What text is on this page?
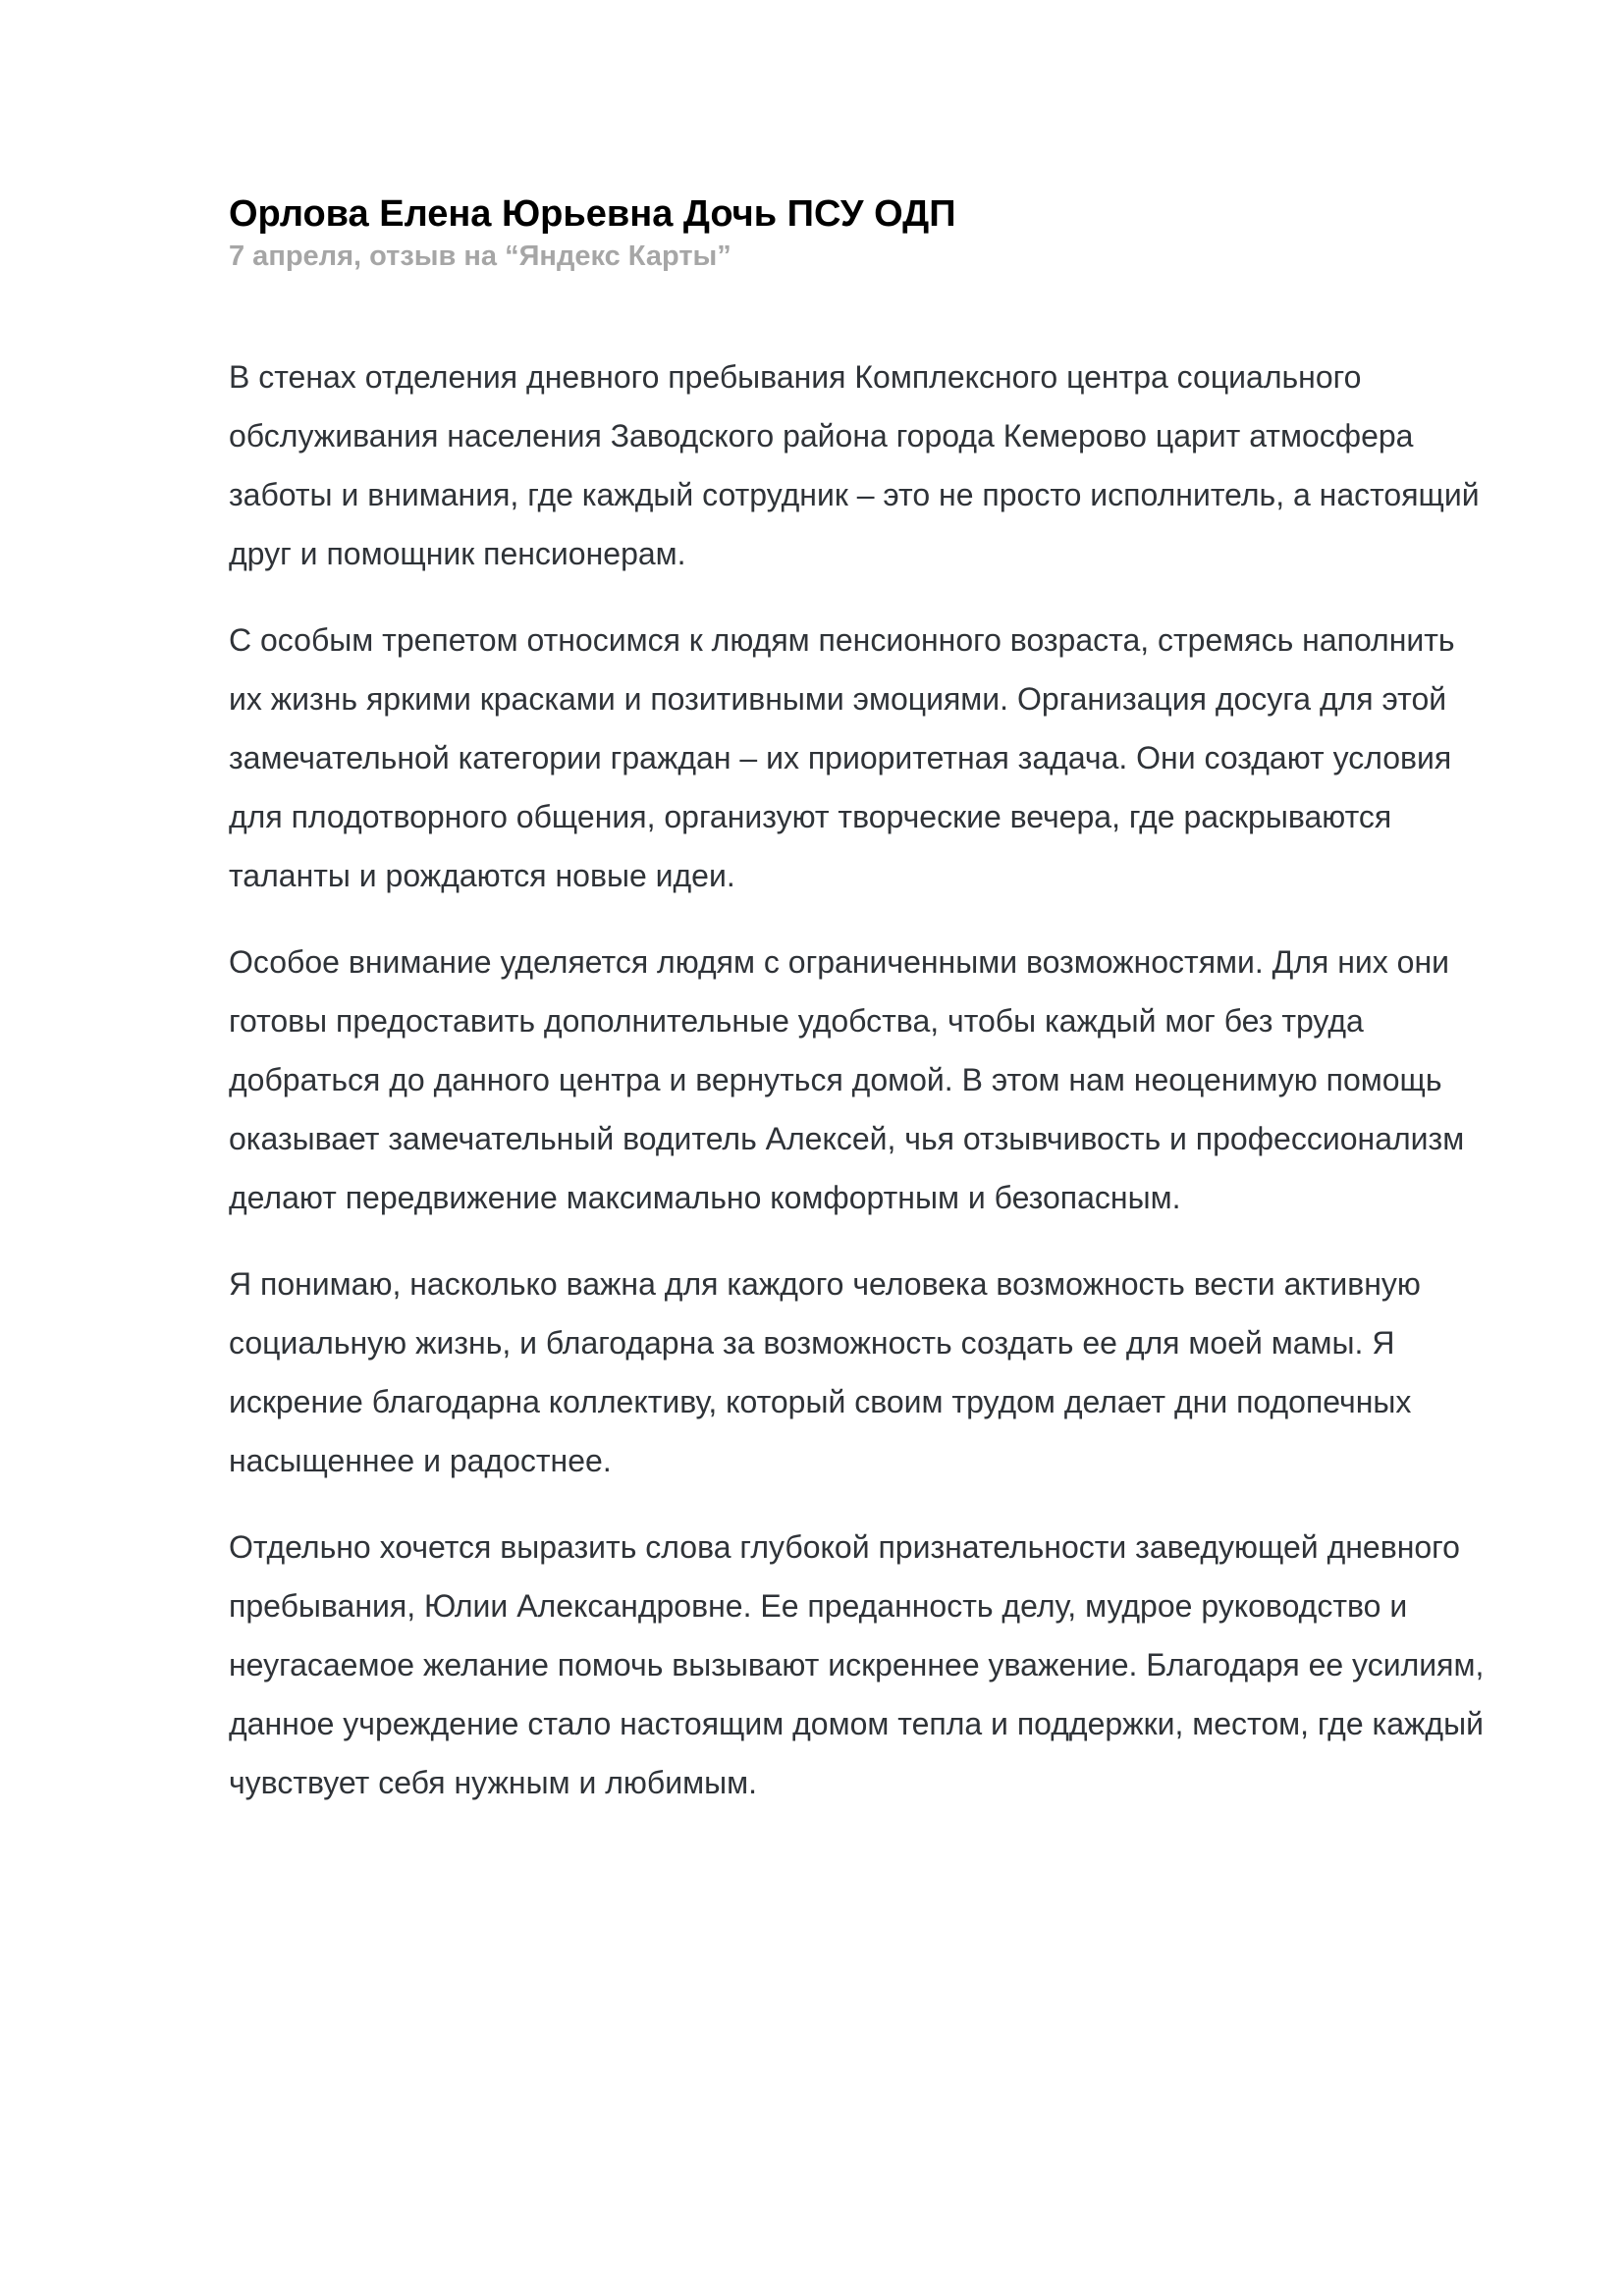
Орлова Елена Юрьевна Дочь ПСУ ОДП
7 апреля, отзыв на “Яндекс Карты”

В стенах отделения дневного пребывания Комплексного центра социального обслуживания населения Заводского района города Кемерово царит атмосфера заботы и внимания, где каждый сотрудник – это не просто исполнитель, а настоящий друг и помощник пенсионерам.

С особым трепетом относимся к людям пенсионного возраста, стремясь наполнить их жизнь яркими красками и позитивными эмоциями. Организация досуга для этой замечательной категории граждан – их приоритетная задача. Они создают условия для плодотворного общения, организуют творческие вечера, где раскрываются таланты и рождаются новые идеи.

Особое внимание уделяется людям с ограниченными возможностями. Для них они готовы предоставить дополнительные удобства, чтобы каждый мог без труда добраться до данного центра и вернуться домой. В этом нам неоценимую помощь оказывает замечательный водитель Алексей, чья отзывчивость и профессионализм делают передвижение максимально комфортным и безопасным.

Я понимаю, насколько важна для каждого человека возможность вести активную социальную жизнь, и благодарна за возможность создать ее для моей мамы. Я искрение благодарна коллективу, который своим трудом делает дни подопечных насыщеннее и радостнее.

Отдельно хочется выразить слова глубокой признательности заведующей дневного пребывания, Юлии Александровне. Ее преданность делу, мудрое руководство и неугасаемое желание помочь вызывают искреннее уважение. Благодаря ее усилиям, данное учреждение стало настоящим домом тепла и поддержки, местом, где каждый чувствует себя нужным и любимым.
